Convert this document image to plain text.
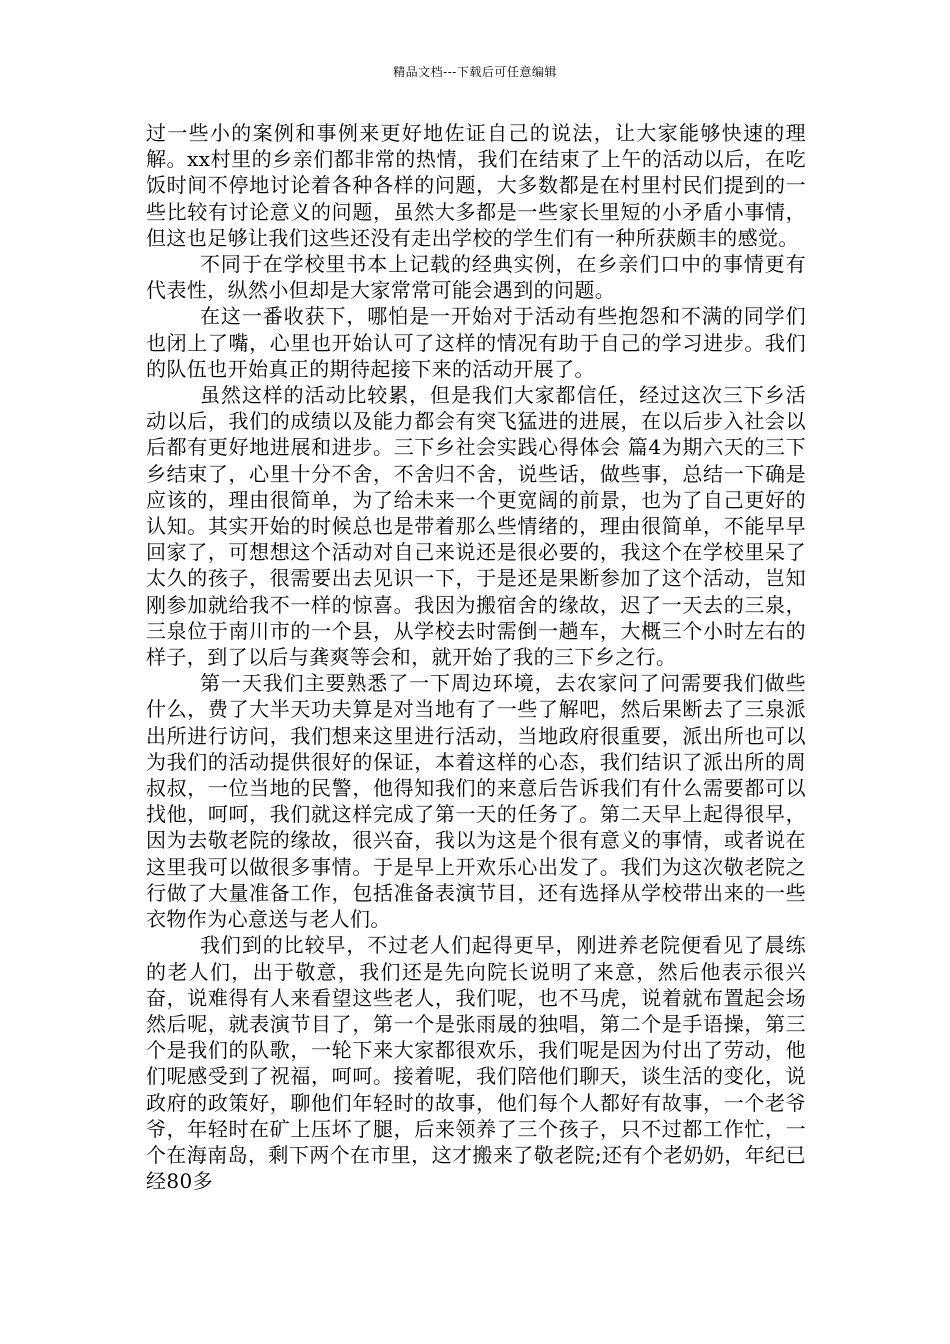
精品文档---下载后可任意编辑

过一些小的案例和事例来更好地佐证自己的说法，让大家能够快速的理解。xx村里的乡亲们都非常的热情，我们在结束了上午的活动以后，在吃饭时间不停地讨论着各种各样的问题，大多数都是在村里村民们提到的一些比较有讨论意义的问题，虽然大多都是一些家长里短的小矛盾小事情，但这也足够让我们这些还没有走出学校的学生们有一种所获颇丰的感觉。

不同于在学校里书本上记载的经典实例，在乡亲们口中的事情更有代表性，纵然小但却是大家常常可能会遇到的问题。

在这一番收获下，哪怕是一开始对于活动有些抱怨和不满的同学们也闭上了嘴，心里也开始认可了这样的情况有助于自己的学习进步。我们的队伍也开始真正的期待起接下来的活动开展了。

虽然这样的活动比较累，但是我们大家都信任，经过这次三下乡活动以后，我们的成绩以及能力都会有突飞猛进的进展，在以后步入社会以后都有更好地进展和进步。三下乡社会实践心得体会 篇4为期六天的三下乡结束了，心里十分不舍，不舍归不舍，说些话，做些事，总结一下确是应该的，理由很简单，为了给未来一个更宽阔的前景，也为了自己更好的认知。其实开始的时候总也是带着那么些情绪的，理由很简单，不能早早回家了，可想想这个活动对自己来说还是很必要的，我这个在学校里呆了太久的孩子，很需要出去见识一下，于是还是果断参加了这个活动，岂知刚参加就给我不一样的惊喜。我因为搬宿舍的缘故，迟了一天去的三泉，三泉位于南川市的一个县，从学校去时需倒一趟车，大概三个小时左右的样子，到了以后与龚爽等会和，就开始了我的三下乡之行。

第一天我们主要熟悉了一下周边环境，去农家问了问需要我们做些什么，费了大半天功夫算是对当地有了一些了解吧，然后果断去了三泉派出所进行访问，我们想来这里进行活动，当地政府很重要，派出所也可以为我们的活动提供很好的保证，本着这样的心态，我们结识了派出所的周叔叔，一位当地的民警，他得知我们的来意后告诉我们有什么需要都可以找他，呵呵，我们就这样完成了第一天的任务了。第二天早上起得很早，因为去敬老院的缘故，很兴奋，我以为这是个很有意义的事情，或者说在这里我可以做很多事情。于是早上开欢乐心出发了。我们为这次敬老院之行做了大量准备工作，包括准备表演节目，还有选择从学校带出来的一些衣物作为心意送与老人们。

我们到的比较早，不过老人们起得更早，刚进养老院便看见了晨练的老人们，出于敬意，我们还是先向院长说明了来意，然后他表示很兴奋，说难得有人来看望这些老人，我们呢，也不马虎，说着就布置起会场然后呢，就表演节目了，第一个是张雨晟的独唱，第二个是手语操，第三个是我们的队歌，一轮下来大家都很欢乐，我们呢是因为付出了劳动，他们呢感受到了祝福，呵呵。接着呢，我们陪他们聊天，谈生活的变化，说政府的政策好，聊他们年轻时的故事，他们每个人都好有故事，一个老爷爷，年轻时在矿上压坏了腿，后来领养了三个孩子，只不过都工作忙，一个在海南岛，剩下两个在市里，这才搬来了敬老院;还有个老奶奶，年纪已经80多
